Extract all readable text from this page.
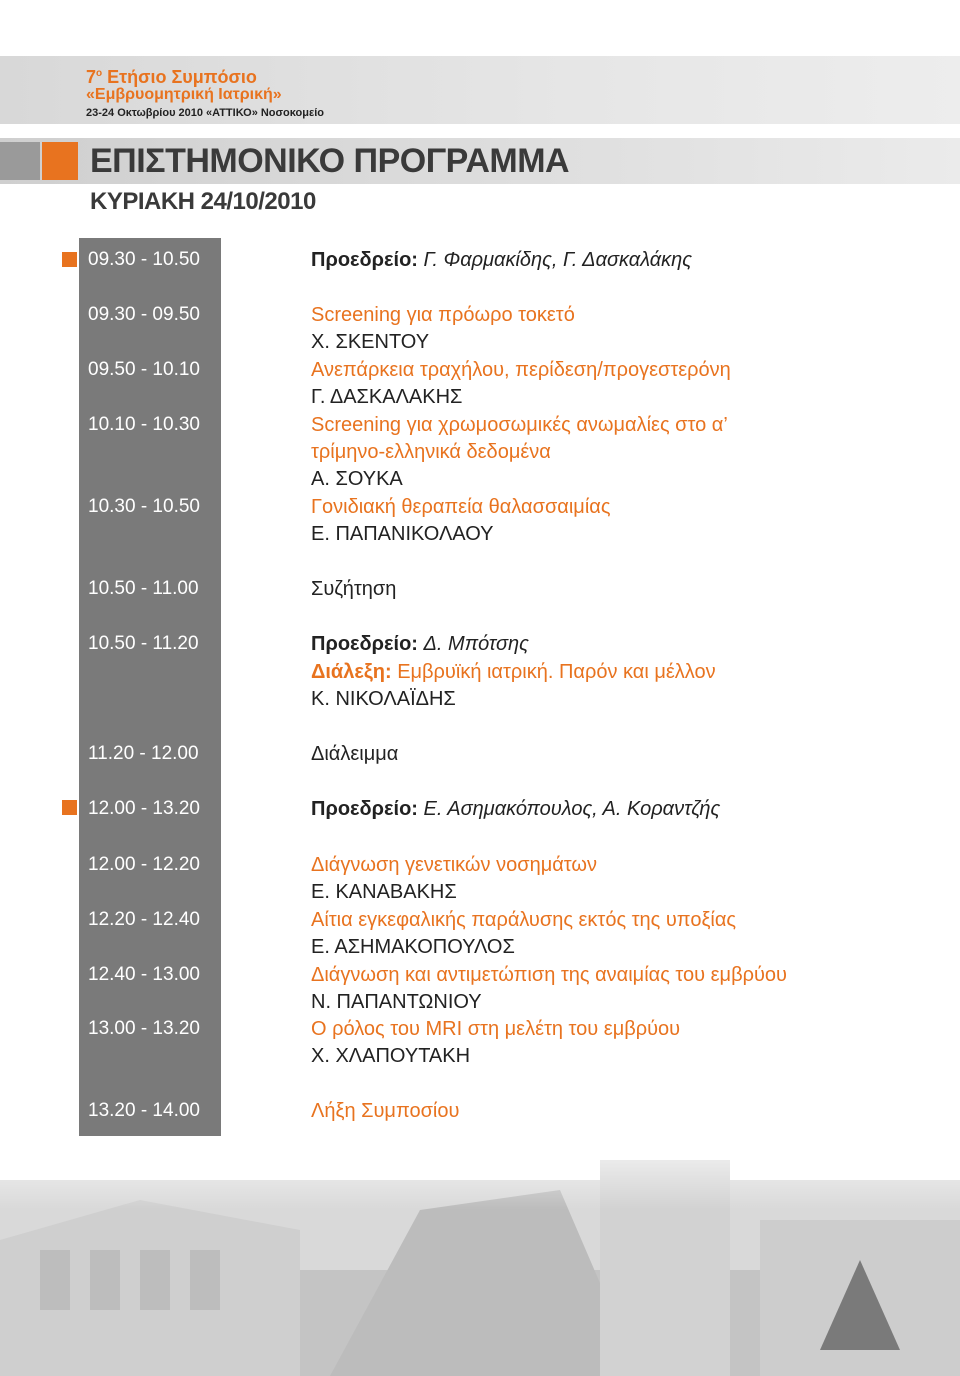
$7^o$ Ετήσιο Συμπόσιο
«Εμβρυομητρική Ιατρική»
23-24 Οκτωβρίου 2010 «ΑΤΤΙΚΟ» Νοσοκομείο
ΕΠΙΣΤΗΜΟΝΙΚΟ ΠΡΟΓΡΑΜΜΑ
ΚΥΡΙΑΚΗ 24/10/2010
09.30 - 10.50	Προεδρείο: Γ. Φαρμακίδης, Γ. Δασκαλάκης
09.30 - 09.50	Screening για πρόωρο τοκετό
Χ. ΣΚΕΝΤΟΥ
09.50 - 10.10	Ανεπάρκεια τραχήλου, περίδεση/προγεστερόνη
Γ. ΔΑΣΚΑΛΑΚΗΣ
10.10 - 10.30	Screening για χρωμοσωμικές ανωμαλίες στο α’
τρίμηνο-ελληνικά δεδομένα
Α. ΣΟΥΚΑ
10.30 - 10.50	Γονιδιακή θεραπεία θαλασσαιμίας
Ε. ΠΑΠΑΝΙΚΟΛΑΟΥ
10.50 - 11.00	Συζήτηση
10.50 - 11.20	Προεδρείο: Δ. Μπότσης
Διάλεξη: Εμβρυϊκή ιατρική. Παρόν και μέλλον
Κ. ΝΙΚΟΛΑΪΔΗΣ
11.20 - 12.00	Διάλειμμα
12.00 - 13.20	Προεδρείο: Ε. Ασημακόπουλος, Α. Κοραντζής
12.00 - 12.20	Διάγνωση γενετικών νοσημάτων
Ε. ΚΑΝΑΒΑΚΗΣ
12.20 - 12.40	Αίτια εγκεφαλικής παράλυσης εκτός της υποξίας
Ε. ΑΣΗΜΑΚΟΠΟΥΛΟΣ
12.40 - 13.00	Διάγνωση και αντιμετώπιση της αναιμίας του εμβρύου
Ν. ΠΑΠΑΝΤΩΝΙΟΥ
13.00 - 13.20	Ο ρόλος του MRI στη μελέτη του εμβρύου
Χ. ΧΛΑΠΟΥΤΑΚΗ
13.20 - 14.00	Λήξη Συμποσίου
